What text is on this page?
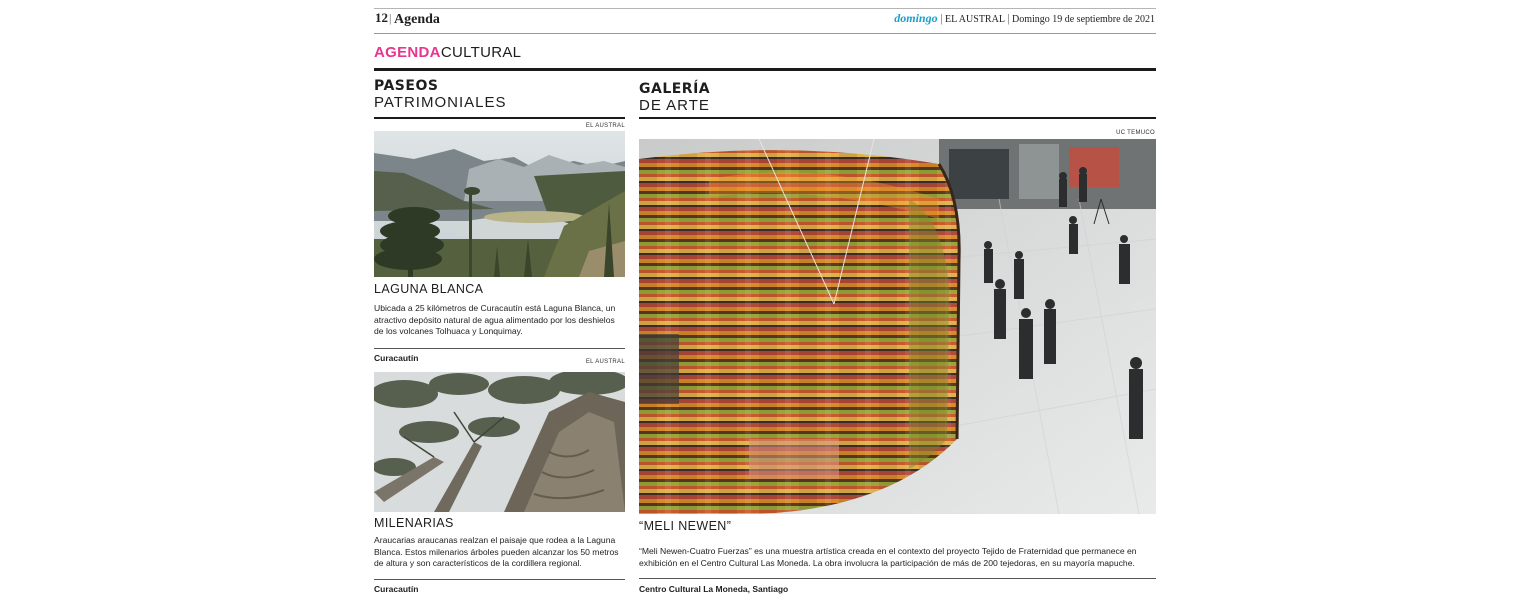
12 | Agenda	domingo | EL AUSTRAL | Domingo 19 de septiembre de 2021
AGENDACULTURAL
PASEOS
PATRIMONIALES
EL AUSTRAL
LAGUNA BLANCA
Ubicada a 25 kilómetros de Curacautín está Laguna Blanca, un atractivo depósito natural de agua alimentado por los deshielos de los volcanes Tolhuaca y Lonquimay.
Curacautín	EL AUSTRAL
MILENARIAS
Araucarias araucanas realzan el paisaje que rodea a la Laguna Blanca. Estos milenarios árboles pueden alcanzar los 50 metros de altura y son característicos de la cordillera regional.
Curacautín
GALERÍA
DE ARTE
UC TEMUCO
“MELI NEWEN”
“Meli Newen-Cuatro Fuerzas” es una muestra artística creada en el contexto del proyecto Tejido de Fraternidad que permanece en exhibición en el Centro Cultural Las Moneda. La obra involucra la participación de más de 200 tejedoras, en su mayoría mapuche.
Centro Cultural La Moneda, Santiago
